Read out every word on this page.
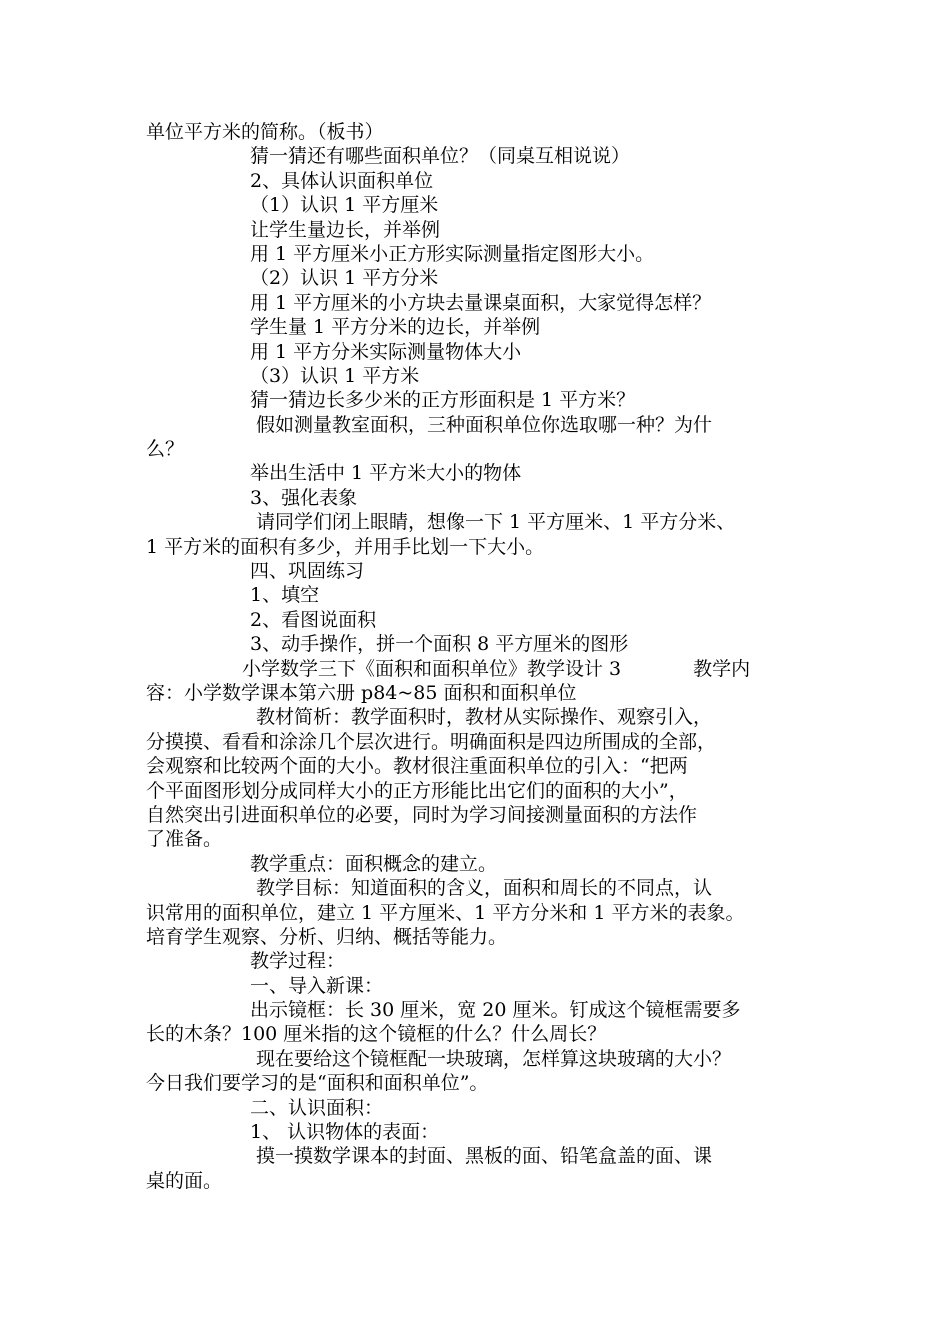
单位平方米的简称。（板书）
猜一猜还有哪些面积单位？（同桌互相说说）
2、具体认识面积单位
（1）认识 1 平方厘米
让学生量边长，并举例
用 1 平方厘米小正方形实际测量指定图形大小。
（2）认识 1 平方分米
用 1 平方厘米的小方块去量课桌面积，大家觉得怎样？
学生量 1 平方分米的边长，并举例
用 1 平方分米实际测量物体大小
（3）认识 1 平方米
猜一猜边长多少米的正方形面积是 1 平方米？
假如测量教室面积，三种面积单位你选取哪一种？为什
么？
举出生活中 1 平方米大小的物体
3、强化表象
请同学们闭上眼睛，想像一下 1 平方厘米、1 平方分米、
1 平方米的面积有多少，并用手比划一下大小。
四、巩固练习
1、填空
2、看图说面积
3、动手操作，拼一个面积 8 平方厘米的图形
小学数学三下《面积和面积单位》教学设计 3	教学内
容：小学数学课本第六册 p84~85 面积和面积单位
教材简析：教学面积时，教材从实际操作、观察引入，
分摸摸、看看和涂涂几个层次进行。明确面积是四边所围成的全部，
会观察和比较两个面的大小。教材很注重面积单位的引入：“把两
个平面图形划分成同样大小的正方形能比出它们的面积的大小”，
自然突出引进面积单位的必要，同时为学习间接测量面积的方法作
了准备。
教学重点：面积概念的建立。
教学目标：知道面积的含义，面积和周长的不同点，认
识常用的面积单位，建立 1 平方厘米、1 平方分米和 1 平方米的表象。
培育学生观察、分析、归纳、概括等能力。
教学过程：
一、导入新课：
出示镜框：长 30 厘米，宽 20 厘米。钉成这个镜框需要多
长的木条？100 厘米指的这个镜框的什么？什么周长？
现在要给这个镜框配一块玻璃，怎样算这块玻璃的大小？
今日我们要学习的是“面积和面积单位”。
二、认识面积：
1、 认识物体的表面：
摸一摸数学课本的封面、黑板的面、铅笔盒盖的面、课
桌的面。
